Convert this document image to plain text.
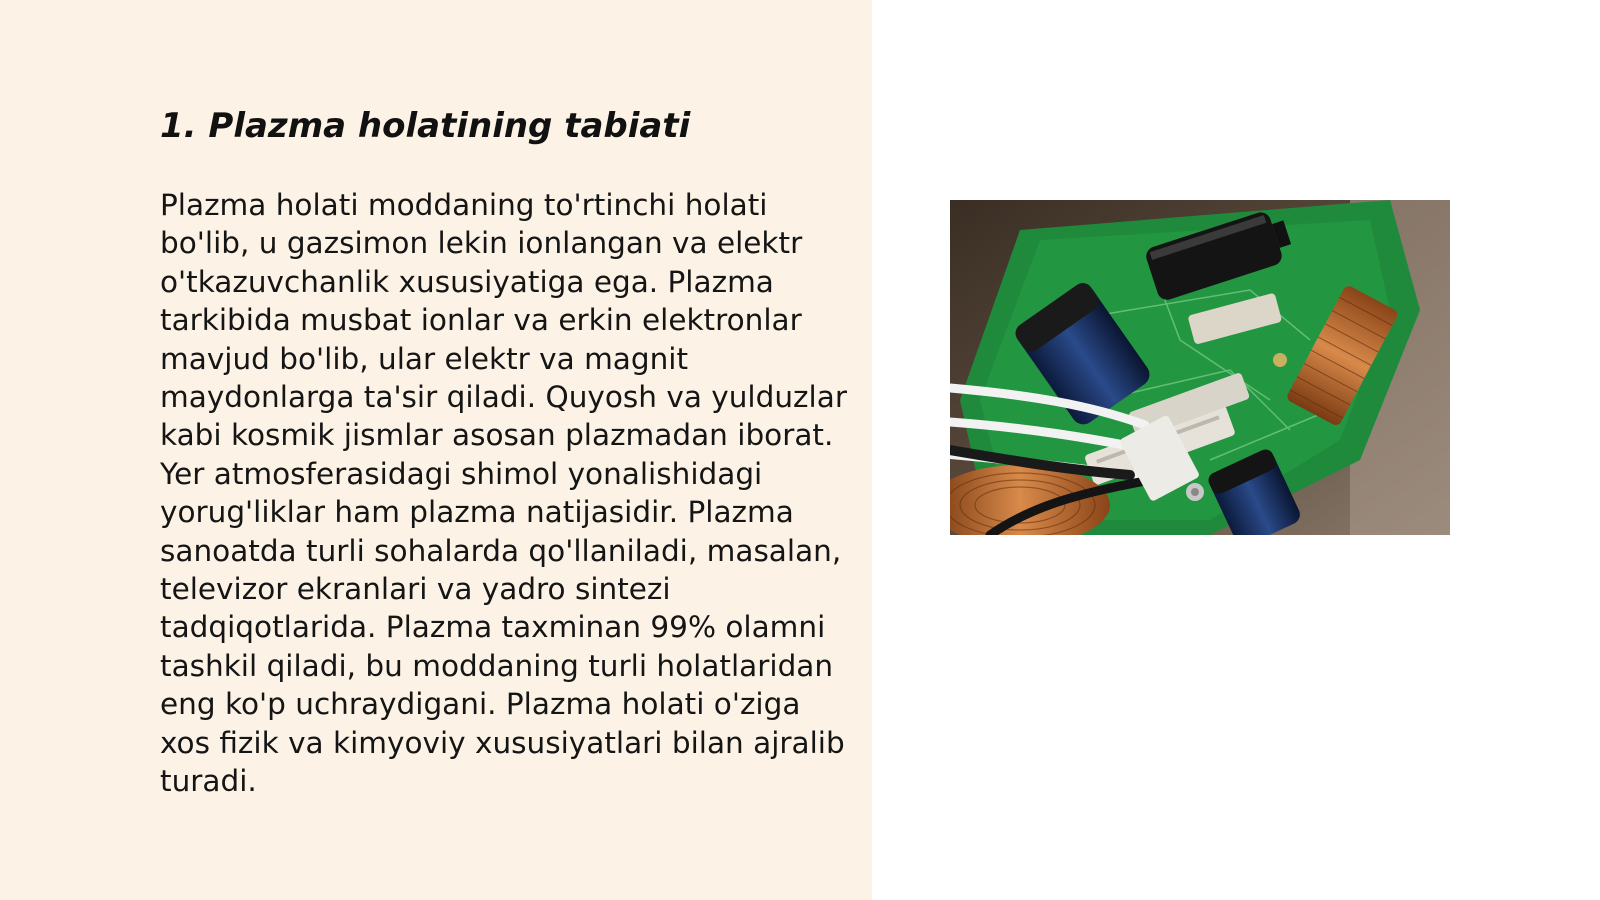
1. Plazma holatining tabiati

Plazma holati moddaning to'rtinchi holati bo'lib, u gazsimon lekin ionlangan va elektr o'tkazuvchanlik xususiyatiga ega. Plazma tarkibida musbat ionlar va erkin elektronlar mavjud bo'lib, ular elektr va magnit maydonlarga ta'sir qiladi. Quyosh va yulduzlar kabi kosmik jismlar asosan plazmadan iborat. Yer atmosferasidagi shimol yonalishidagi yorug'liklar ham plazma natijasidir. Plazma sanoatda turli sohalarda qo'llaniladi, masalan, televizor ekranlari va yadro sintezi tadqiqotlarida. Plazma taxminan 99% olamni tashkil qiladi, bu moddaning turli holatlaridan eng ko'p uchraydigani. Plazma holati o'ziga xos fizik va kimyoviy xususiyatlari bilan ajralib turadi.
